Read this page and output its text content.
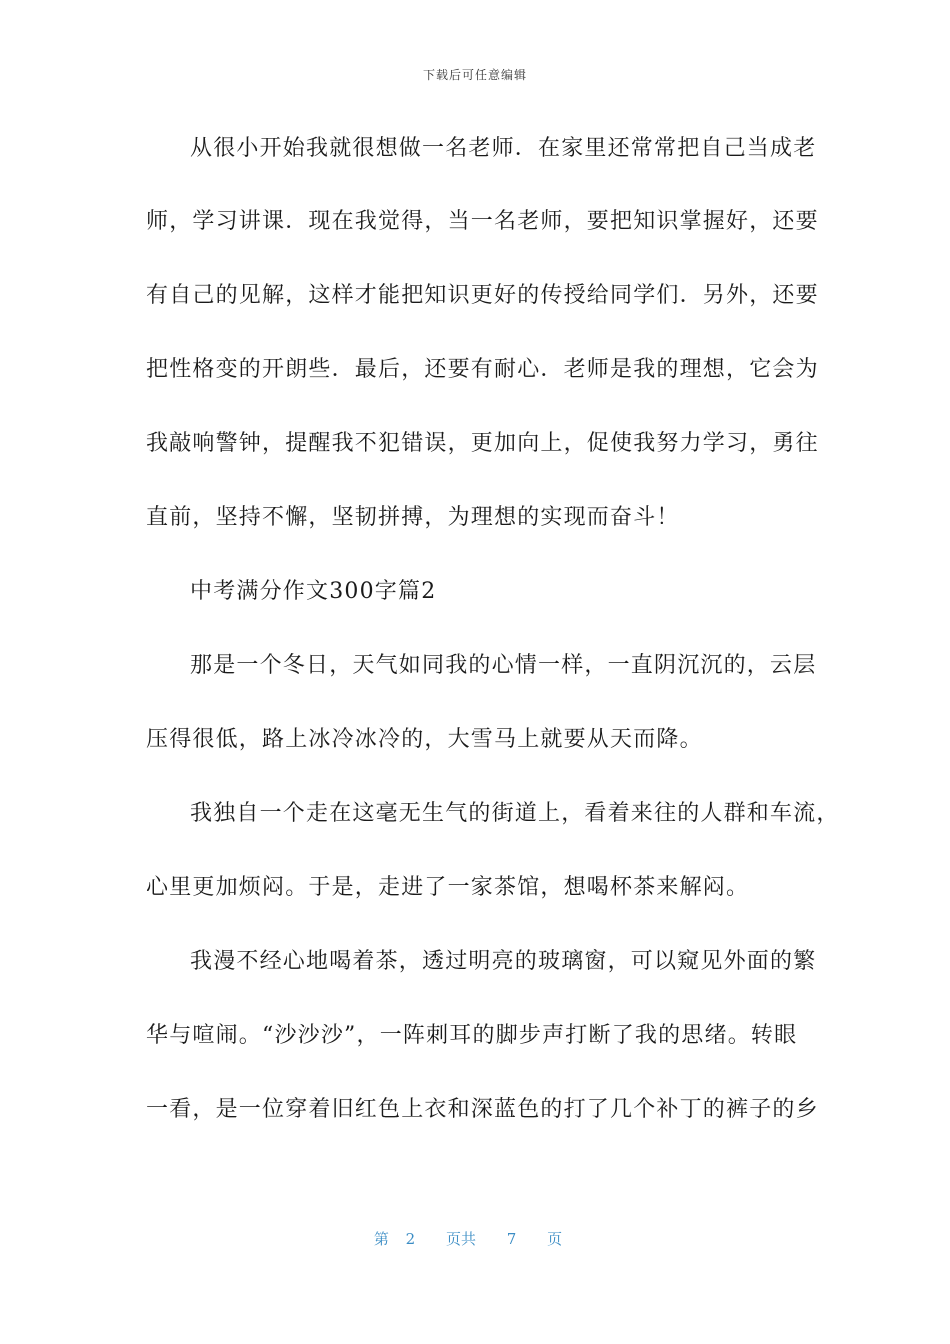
下载后可任意编辑
从很小开始我就很想做一名老师．在家里还常常把自己当成老
师，学习讲课．现在我觉得，当一名老师，要把知识掌握好，还要
有自己的见解，这样才能把知识更好的传授给同学们．另外，还要
把性格变的开朗些．最后，还要有耐心．老师是我的理想，它会为
我敲响警钟，提醒我不犯错误，更加向上，促使我努力学习，勇往
直前，坚持不懈，坚韧拼搏，为理想的实现而奋斗！
中考满分作文300字篇2
那是一个冬日，天气如同我的心情一样，一直阴沉沉的，云层
压得很低，路上冰冷冰冷的，大雪马上就要从天而降。
我独自一个走在这毫无生气的街道上，看着来往的人群和车流，
心里更加烦闷。于是，走进了一家茶馆，想喝杯茶来解闷。
我漫不经心地喝着茶，透过明亮的玻璃窗，可以窥见外面的繁
华与喧闹。“沙沙沙”，一阵刺耳的脚步声打断了我的思绪。转眼
一看，是一位穿着旧红色上衣和深蓝色的打了几个补丁的裤子的乡
第 2 页共 7 页
